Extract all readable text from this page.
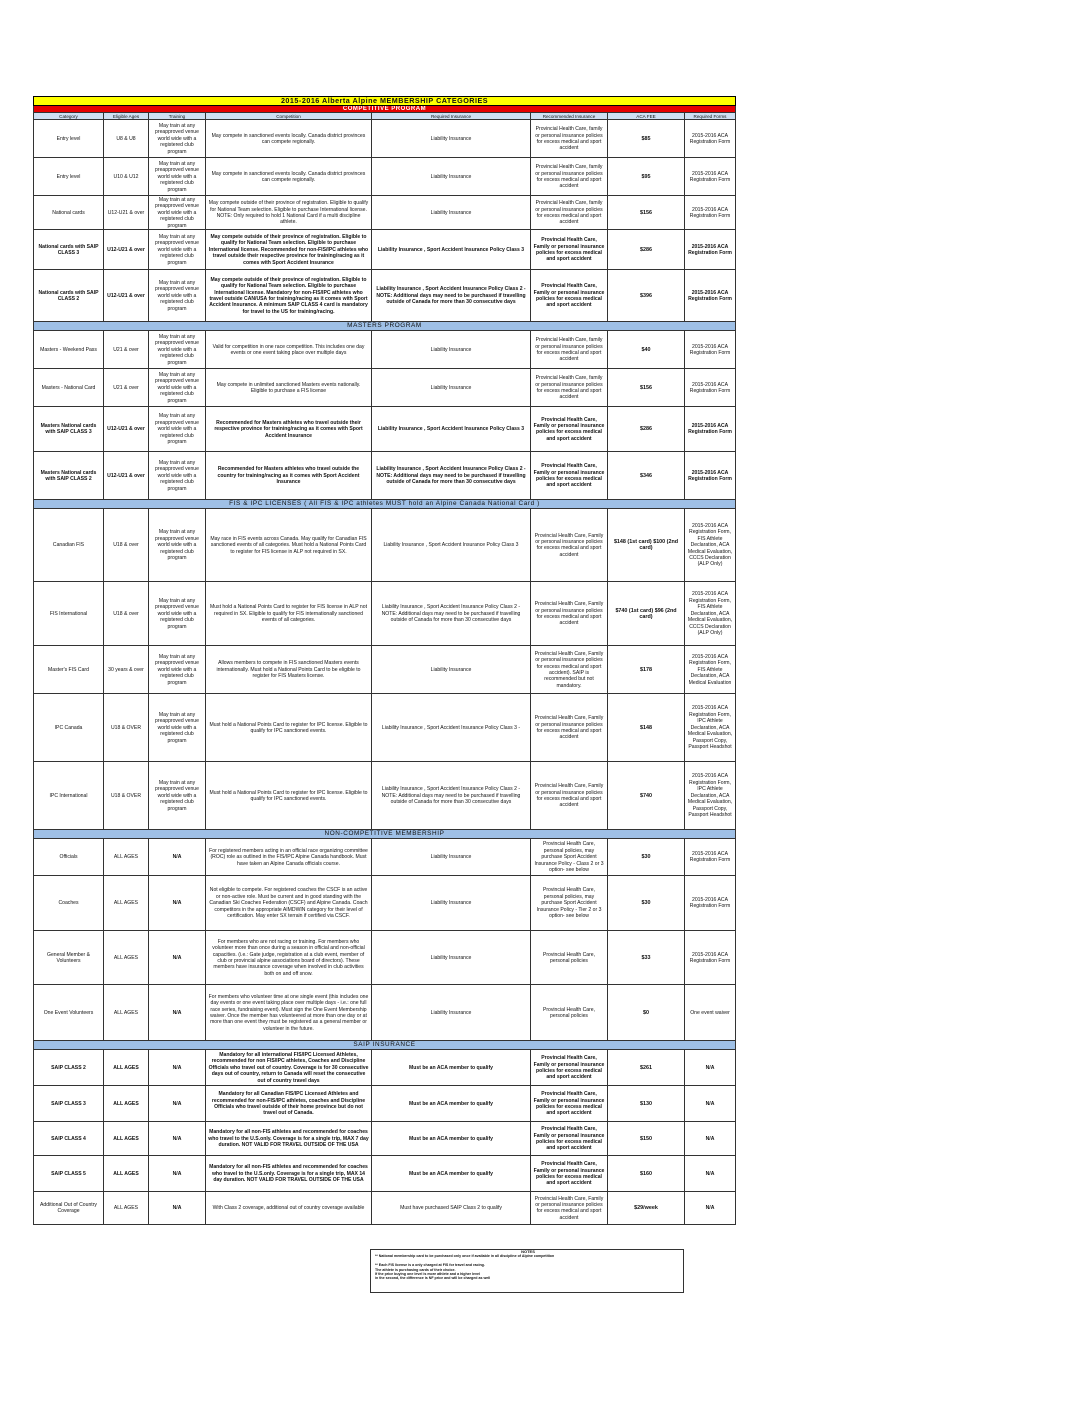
2015-2016 Alberta Alpine MEMBERSHIP CATEGORIES							
COMPETITIVE PROGRAM							
Category	Eligible Ages	Training	Competition	Required Insurance	Recommended Insurance	ACA FEE	Required Forms
Entry level	U8 & U8	May train at any preapproved venue world wide with a registered club program	May compete in sanctioned events locally. Canada district provinces can compete regionally.	Liability Insurance	Provincial Health Care, family or personal insurance policies for excess medical and sport accident	$85	2015-2016 ACA Registration Form
Entry level	U10 & U12	May train at any preapproved venue world wide with a registered club program	May compete in sanctioned events locally. Canada district provinces can compete regionally.	Liability Insurance	Provincial Health Care, family or personal insurance policies for excess medical and sport accident	$95	2015-2016 ACA Registration Form
National cards	U12-U21 & over	May train at any preapproved venue world wide with a registered club program	May compete outside of their province of registration. Eligible to qualify for National Team selection. Eligible to purchase International license. NOTE: Only required to hold 1 National Card if a multi discipline athlete.	Liability Insurance	Provincial Health Care, family or personal insurance policies for excess medical and sport accident	$156	2015-2016 ACA Registration Form
National cards with SAIP CLASS 3	U12-U21 & over	May train at any preapproved venue world wide with a registered club program	May compete outside of their province of registration. Eligible to qualify for National Team selection. Eligible to purchase International license. Recommended for non-FIS/IPC athletes who travel outside their respective province for training/racing as it comes with Sport Accident Insurance	Liability Insurance , Sport Accident Insurance Policy Class 3	Provincial Health Care, Family or personal insurance policies for excess medical and sport accident	$286	2015-2016 ACA Registration Form
National cards with SAIP CLASS 2	U12-U21 & over	May train at any preapproved venue world wide with a registered club program	May compete outside of their province of registration. Eligible to qualify for National Team selection. Eligible to purchase International license. Mandatory for non-FIS/IPC athletes who travel outside CAN/USA for training/racing as it comes with Sport Accident Insurance. A minimum SAIP CLASS 4 card is mandatory for travel to the US for training/racing.	Liability Insurance , Sport Accident Insurance Policy Class 2 - NOTE: Additional days may need to be purchased if travelling outside of Canada for more than 30 consecutive days	Provincial Health Care, Family or personal insurance policies for excess medical and sport accident	$396	2015-2016 ACA Registration Form
MASTERS PROGRAM							
Masters - Weekend Pass	U21 & over	May train at any preapproved venue world wide with a registered club program	Valid for competition in one race competition. This includes one day events or one event taking place over multiple days	Liability Insurance	Provincial Health Care, family or personal insurance policies for excess medical and sport accident	$40	2015-2016 ACA Registration Form
Masters - National Card	U21 & over	May train at any preapproved venue world wide with a registered club program	May compete in unlimited sanctioned Masters events nationally. Eligible to purchase a FIS license	Liability Insurance	Provincial Health Care, family or personal insurance policies for excess medical and sport accident	$156	2015-2016 ACA Registration Form
Masters National cards with SAIP CLASS 3	U12-U21 & over	May train at any preapproved venue world wide with a registered club program	Recommended for Masters athletes who travel outside their respective province for training/racing as it comes with Sport Accident Insurance	Liability Insurance , Sport Accident Insurance Policy Class 3	Provincial Health Care, Family or personal insurance policies for excess medical and sport accident	$286	2015-2016 ACA Registration Form
Masters National cards with SAIP CLASS 2	U12-U21 & over	May train at any preapproved venue world wide with a registered club program	Recommended for Masters athletes who travel outside the country for training/racing as it comes with Sport Accident Insurance	Liability Insurance , Sport Accident Insurance Policy Class 2 - NOTE: Additional days may need to be purchased if travelling outside of Canada for more than 30 consecutive days	Provincial Health Care, Family or personal insurance policies for excess medical and sport accident	$346	2015-2016 ACA Registration Form
FIS & IPC LICENSES ( All FIS & IPC athletes MUST hold an Alpine Canada National Card )							
Canadian FIS	U18 & over	May train at any preapproved venue world wide with a registered club program	May race in FIS events across Canada. May qualify for Canadian FIS sanctioned events of all categories. Must hold a National Points Card to register for FIS license in ALP not required in SX.	Liability Insurance , Sport Accident Insurance Policy Class 3	Provincial Health Care, Family or personal insurance policies for excess medical and sport accident	$148 (1st card) $100 (2nd card)	2015-2016 ACA Registration Form, FIS Athlete Declaration, ACA Medical Evaluation, CCCS Declaration (ALP Only)
FIS International	U18 & over	May train at any preapproved venue world wide with a registered club program	Must hold a National Points Card to register for FIS license in ALP not required in SX. Eligible to qualify for FIS internationally sanctioned events of all categories.	Liability Insurance , Sport Accident Insurance Policy Class 2 - NOTE: Additional days may need to be purchased if travelling outside of Canada for more than 30 consecutive days	Provincial Health Care, Family or personal insurance policies for excess medical and sport accident	$740 (1st card) $96 (2nd card)	2015-2016 ACA Registration Form, FIS Athlete Declaration, ACA Medical Evaluation, CCCS Declaration (ALP Only)
Master's FIS Card	30 years & over	May train at any preapproved venue world wide with a registered club program	Allows members to compete in FIS sanctioned Masters events internationally. Must hold a National Points Card to be eligible to register for FIS Masters license.	Liability Insurance	Provincial Health Care, Family or personal insurance policies for excess medical and sport accident). SAIP is recommended but not mandatory.	$178	2015-2016 ACA Registration Form, FIS Athlete Declaration, ACA Medical Evaluation
IPC Canada	U18 & OVER	May train at any preapproved venue world wide with a registered club program	Must hold a National Points Card to register for IPC license. Eligible to qualify for IPC sanctioned events.	Liability Insurance , Sport Accident Insurance Policy Class 3 -	Provincial Health Care, Family or personal insurance policies for excess medical and sport accident	$148	2015-2016 ACA Registration Form, IPC Athlete Declaration, ACA Medical Evaluation, Passport Copy, Passport Headshot
IPC International	U18 & OVER	May train at any preapproved venue world wide with a registered club program	Must hold a National Points Card to register for IPC license. Eligible to qualify for IPC sanctioned events.	Liability Insurance , Sport Accident Insurance Policy Class 2 - NOTE: Additional days may need to be purchased if travelling outside of Canada for more than 30 consecutive days	Provincial Health Care, Family or personal insurance policies for excess medical and sport accident	$740	2015-2016 ACA Registration Form, IPC Athlete Declaration, ACA Medical Evaluation, Passport Copy, Passport Headshot
NON-COMPETITIVE MEMBERSHIP							
Officials	ALL AGES	N/A	For registered members acting in an official race organizing committee (ROC) role as outlined in the FIS/IPC Alpine Canada handbook. Must have taken an Alpine Canada officials course.	Liability Insurance	Provincial Health Care, personal policies, may purchase Sport Accident Insurance Policy - Class 2 or 3 option- see below	$30	2015-2016 ACA Registration Form
Coaches	ALL AGES	N/A	Not eligible to compete. For registered coaches the CSCF is an active or non-active role. Must be current and in good standing with the Canadian Ski Coaches Federation (CSCF) and Alpine Canada. Coach competitors in the appropriate AIMDWIN category for their level of certification. May enter SX terrain if certified via CSCF.	Liability Insurance	Provincial Health Care, personal policies, may purchase Sport Accident Insurance Policy - Tier 2 or 3 option- see below	$30	2015-2016 ACA Registration Form
General Member & Volunteers	ALL AGES	N/A	For members who are not racing or training. For members who volunteer more than once during a season in official and non-official capacities. (i.e.: Gate judge, registration at a club event, member of club or provincial alpine associations board of directors). These members have insurance coverage when involved in club activities both on and off snow.	Liability Insurance	Provincial Health Care, personal policies	$33	2015-2016 ACA Registration Form
One Event Volunteers	ALL AGES	N/A	For members who volunteer time at one single event (this includes one day events or one event taking place over multiple days - i.e.: one full race series, fundraising event). Must sign the One Event Membership waiver. Once the member has volunteered at more than one day or at more than one event they must be registered as a general member or volunteer in the future.	Liability Insurance	Provincial Health Care, personal policies	$0	One event waiver
SAIP INSURANCE							
SAIP CLASS 2	ALL AGES	N/A	Mandatory for all international FIS/IPC Licensed Athletes, recommended for non FIS/IPC athletes, Coaches and Discipline Officials who travel out of country. Coverage is for 30 consecutive days out of country, return to Canada will reset the consecutive out of country travel days	Must be an ACA member to qualify	Provincial Health Care, Family or personal insurance policies for excess medical and sport accident	$261	N/A
SAIP CLASS 3	ALL AGES	N/A	Mandatory for all Canadian FIS/IPC Licensed Athletes and recommended for non-FIS/IPC athletes, coaches and Discipline Officials who travel outside of their home province but do not travel out of Canada.	Must be an ACA member to qualify	Provincial Health Care, Family or personal insurance policies for excess medical and sport accident	$130	N/A
SAIP CLASS 4	ALL AGES	N/A	Mandatory for all non-FIS athletes and recommended for coaches who travel to the U.S.only. Coverage is for a single trip, MAX 7 day duration. NOT VALID FOR TRAVEL OUTSIDE OF THE USA	Must be an ACA member to qualify	Provincial Health Care, Family or personal insurance policies for excess medical and sport accident	$150	N/A
SAIP CLASS 5	ALL AGES	N/A	Mandatory for all non-FIS athletes and recommended for coaches who travel to the U.S.only. Coverage is for a single trip, MAX 14 day duration. NOT VALID FOR TRAVEL OUTSIDE OF THE USA	Must be an ACA member to qualify	Provincial Health Care, Family or personal insurance policies for excess medical and sport accident	$160	N/A
Additional Out of Country Coverage	ALL AGES	N/A	With Class 2 coverage, additional out of country coverage available	Must have purchased SAIP Class 2 to qualify	Provincial Health Care, Family or personal insurance policies for excess medical and sport accident	$29/week	N/A
NOTES
** National membership card to be purchased only once if available in all discipline of Alpine competition

** Each FIS license is a only charged at FIS for travel and racing.
The athlete is purchasing cards of their choice.
If the price buying one level is more athlete and a higher level
in the second, the difference is NF price and will be charged as well
